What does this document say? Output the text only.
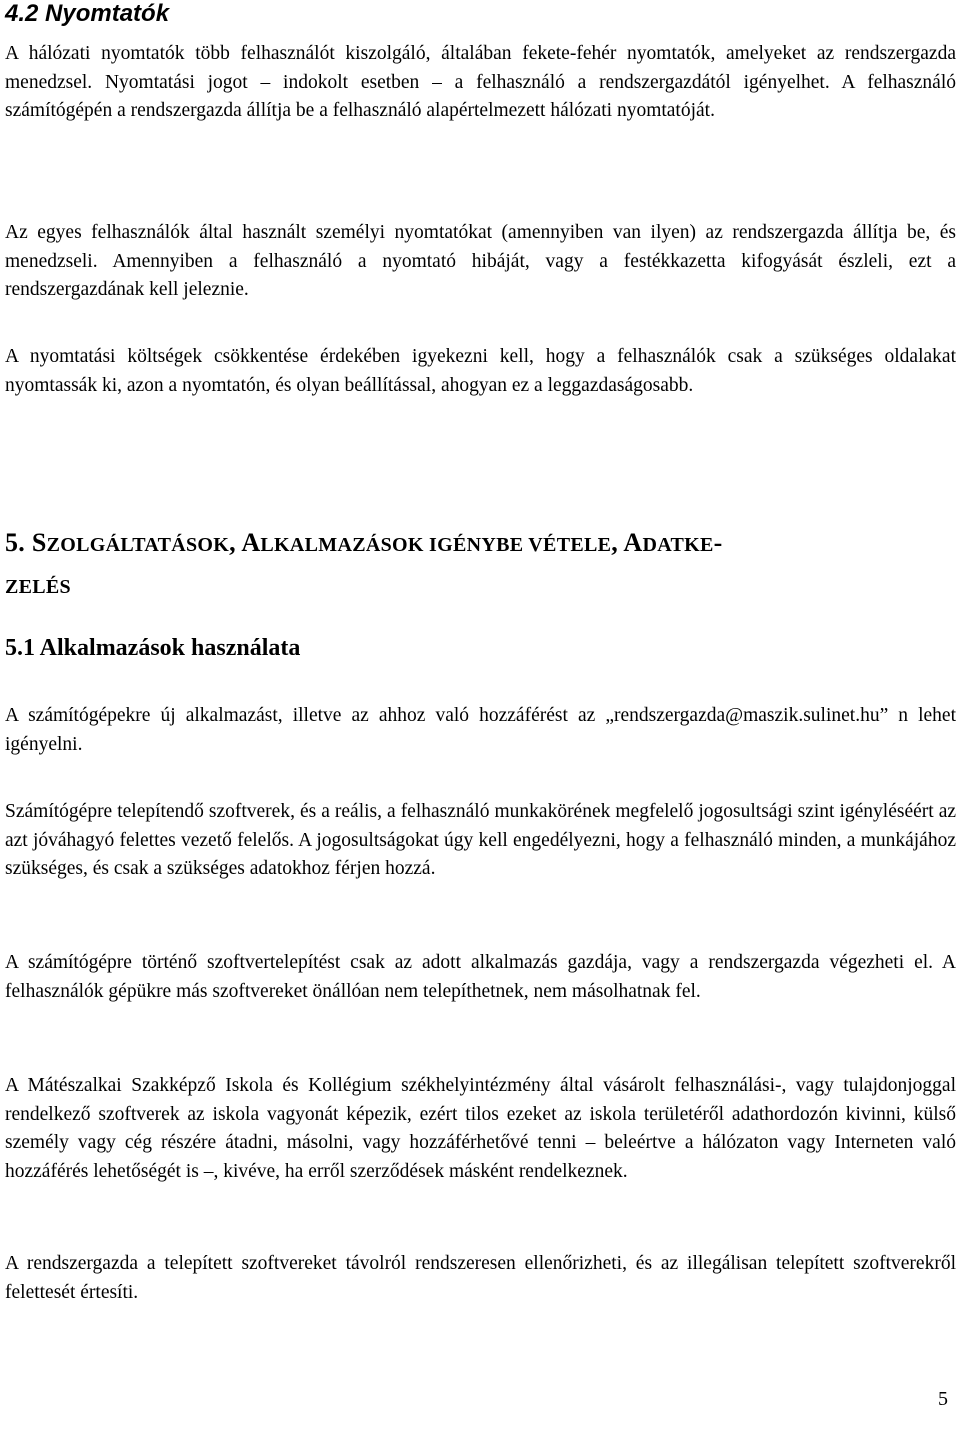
4.2 Nyomtatók

A hálózati nyomtatók több felhasználót kiszolgáló, általában fekete-fehér nyomtatók, amelyeket az rendszergazda menedzsel. Nyomtatási jogot – indokolt esetben – a felhasználó a rendszergazdától igényelhet. A felhasználó számítógépén a rendszergazda állítja be a felhasználó alapértelmezett hálózati nyomtatóját.

Az egyes felhasználók által használt személyi nyomtatókat (amennyiben van ilyen) az rendszergazda állítja be, és menedzseli. Amennyiben a felhasználó a nyomtató hibáját, vagy a festékkazetta kifogyását észleli, ezt a rendszergazdának kell jeleznie.

A nyomtatási költségek csökkentése érdekében igyekezni kell, hogy a felhasználók csak a szükséges oldalakat nyomtassák ki, azon a nyomtatón, és olyan beállítással, ahogyan ez a leggazdaságosabb.

5. SZOLGÁLTATÁSOK, ALKALMAZÁSOK IGÉNYBE VÉTELE, ADATKE-
ZELÉS
5.1 Alkalmazások használata

A számítógépekre új alkalmazást, illetve az ahhoz való hozzáférést az „rendszergazda@maszik.sulinet.hu” n lehet igényelni.

Számítógépre telepítendő szoftverek, és a reális, a felhasználó munkakörének megfelelő jogosultsági szint igényléséért az azt jóváhagyó felettes vezető felelős. A jogosultságokat úgy kell engedélyezni, hogy a felhasználó minden, a munkájához szükséges, és csak a szükséges adatokhoz férjen hozzá.

A számítógépre történő szoftvertelepítést csak az adott alkalmazás gazdája, vagy a rendszergazda végezheti el. A felhasználók gépükre más szoftvereket önállóan nem telepíthetnek, nem másolhatnak fel.

A Mátészalkai Szakképző Iskola és Kollégium székhelyintézmény által vásárolt felhasználási-, vagy tulajdonjoggal rendelkező szoftverek az iskola vagyonát képezik, ezért tilos ezeket az iskola területéről adathordozón kivinni, külső személy vagy cég részére átadni, másolni, vagy hozzáférhetővé tenni – beleértve a hálózaton vagy Interneten való hozzáférés lehetőségét is –, kivéve, ha erről szerződések másként rendelkeznek.

A rendszergazda a telepített szoftvereket távolról rendszeresen ellenőrizheti, és az illegálisan telepített szoftverekről felettesét értesíti.

5
